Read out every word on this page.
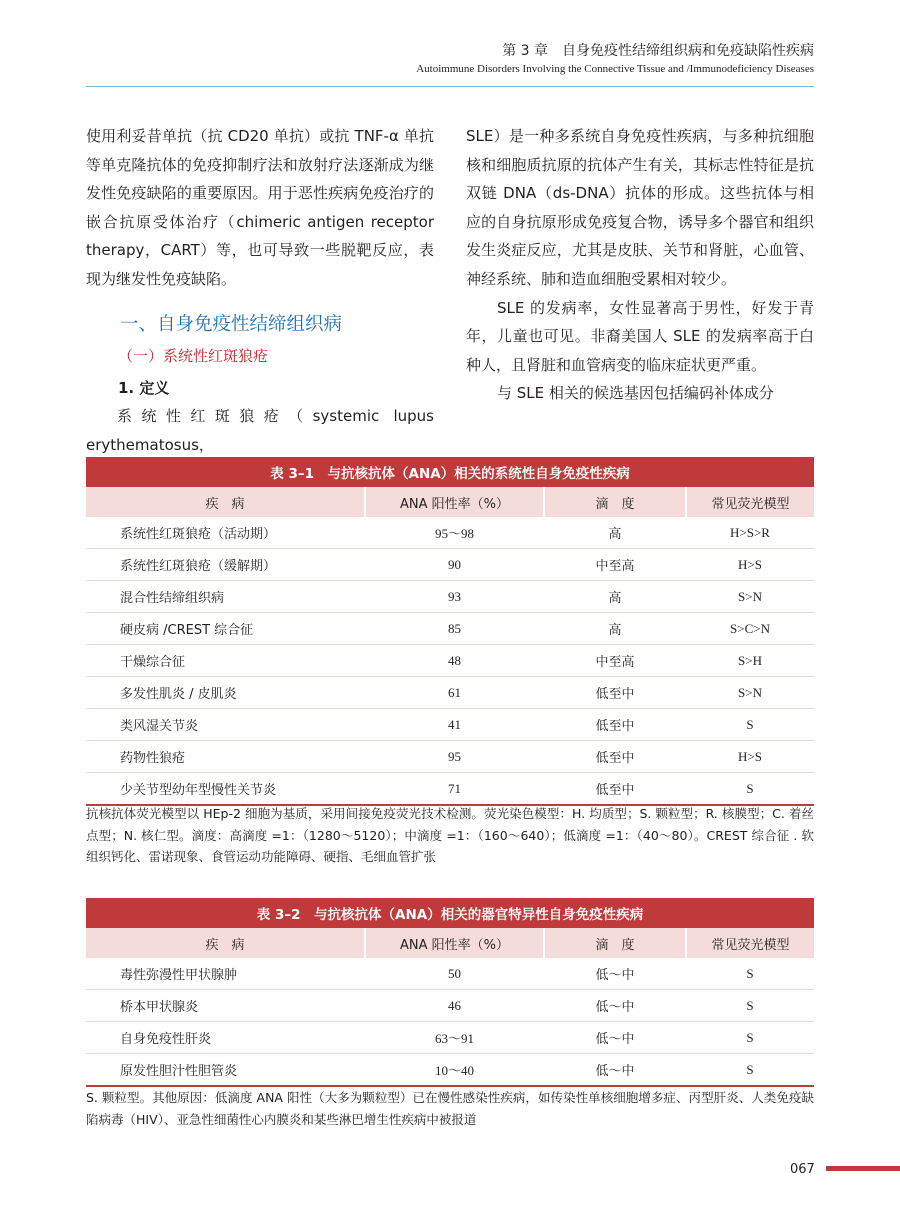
第 3 章　自身免疫性结缔组织病和免疫缺陷性疾病
Autoimmune Disorders Involving the Connective Tissue and /Immunodeficiency Diseases

使用利妥昔单抗（抗 CD20 单抗）或抗 TNF-α 单抗等单克隆抗体的免疫抑制疗法和放射疗法逐渐成为继发性免疫缺陷的重要原因。用于恶性疾病免疫治疗的嵌合抗原受体治疗（chimeric antigen receptor therapy，CART）等，也可导致一些脱靶反应，表现为继发性免疫缺陷。

一、自身免疫性结缔组织病
（一）系统性红斑狼疮
1. 定义

系统性红斑狼疮（systemic lupus erythematosus，

SLE）是一种多系统自身免疫性疾病，与多种抗细胞核和细胞质抗原的抗体产生有关，其标志性特征是抗双链 DNA（ds-DNA）抗体的形成。这些抗体与相应的自身抗原形成免疫复合物，诱导多个器官和组织发生炎症反应，尤其是皮肤、关节和肾脏，心血管、神经系统、肺和造血细胞受累相对较少。

SLE 的发病率，女性显著高于男性，好发于青年，儿童也可见。非裔美国人 SLE 的发病率高于白种人，且肾脏和血管病变的临床症状更严重。

与 SLE 相关的候选基因包括编码补体成分

表 3–1　与抗核抗体（ANA）相关的系统性自身免疫性疾病			
疾　病	ANA 阳性率（%）	滴　度	常见荧光模型
系统性红斑狼疮（活动期）	95～98	高	H>S>R
系统性红斑狼疮（缓解期）	90	中至高	H>S
混合性结缔组织病	93	高	S>N
硬皮病 /CREST 综合征	85	高	S>C>N
干燥综合征	48	中至高	S>H
多发性肌炎 / 皮肌炎	61	低至中	S>N
类风湿关节炎	41	低至中	S
药物性狼疮	95	低至中	H>S
少关节型幼年型慢性关节炎	71	低至中	S

抗核抗体荧光模型以 HEp-2 细胞为基质，采用间接免疫荧光技术检测。荧光染色模型：H. 均质型；S. 颗粒型；R. 核膜型；C. 着丝点型；N. 核仁型。滴度：高滴度 =1：（1280～5120）；中滴度 =1：（160～640）；低滴度 =1：（40～80）。CREST 综合征 . 软组织钙化、雷诺现象、食管运动功能障碍、硬指、毛细血管扩张

表 3–2　与抗核抗体（ANA）相关的器官特异性自身免疫性疾病			
疾　病	ANA 阳性率（%）	滴　度	常见荧光模型
毒性弥漫性甲状腺肿	50	低～中	S
桥本甲状腺炎	46	低～中	S
自身免疫性肝炎	63～91	低～中	S
原发性胆汁性胆管炎	10～40	低～中	S

S. 颗粒型。其他原因：低滴度 ANA 阳性（大多为颗粒型）已在慢性感染性疾病，如传染性单核细胞增多症、丙型肝炎、人类免疫缺陷病毒（HIV）、亚急性细菌性心内膜炎和某些淋巴增生性疾病中被报道

067
